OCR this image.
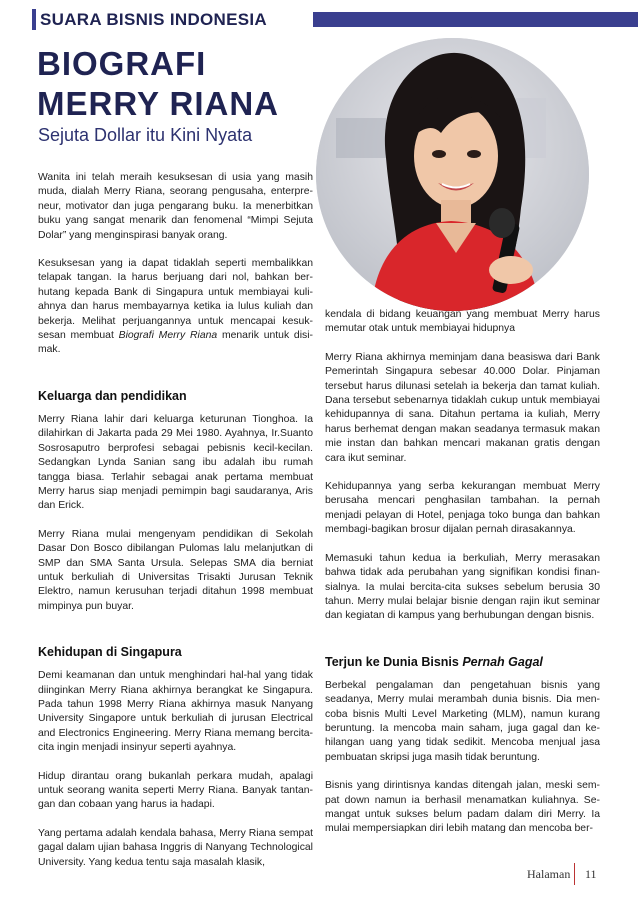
SUARA BISNIS INDONESIA
BIOGRAFI
MERRY RIANA
Sejuta Dollar itu Kini Nyata

Wanita ini telah meraih kesuksesan di usia yang masih muda, dialah Merry Riana, seorang pengusaha, enterpreneur, motivator dan juga pengarang buku. Ia menerbitkan buku yang sangat menarik dan fenomenal “Mimpi Sejuta Dolar” yang menginspirasi banyak orang.

Kesuksesan yang ia dapat tidaklah seperti membalikkan telapak tangan. Ia harus berjuang dari nol, bahkan berhutang kepada Bank di Singapura untuk membiayai kuliahnya dan harus membayarnya ketika ia lulus kuliah dan bekerja. Melihat perjuangannya untuk mencapai kesuksesan membuat Biografi Merry Riana menarik untuk disimak.

Keluarga dan pendidikan

Merry Riana lahir dari keluarga keturunan Tionghoa. Ia dilahirkan di Jakarta pada 29 Mei 1980. Ayahnya, Ir.Suanto Sosrosaputro berprofesi sebagai pebisnis kecil-kecilan. Sedangkan Lynda Sanian sang ibu adalah ibu rumah tangga biasa. Terlahir sebagai anak pertama membuat Merry harus siap menjadi pemimpin bagi saudaranya, Aris dan Erick.

Merry Riana mulai mengenyam pendidikan di Sekolah Dasar Don Bosco dibilangan Pulomas lalu melanjutkan di SMP dan SMA Santa Ursula. Selepas SMA dia berniat untuk berkuliah di Universitas Trisakti Jurusan Teknik Elektro, namun kerusuhan terjadi ditahun 1998 membuat mimpinya pun buyar.

Kehidupan di Singapura

Demi keamanan dan untuk menghindari hal-hal yang tidak diinginkan Merry Riana akhirnya berangkat ke Singapura. Pada tahun 1998 Merry Riana akhirnya masuk Nanyang University Singapore untuk berkuliah di jurusan Electrical and Electronics Engineering. Merry Riana memang bercita-cita ingin menjadi insinyur seperti ayahnya.

Hidup dirantau orang bukanlah perkara mudah, apalagi untuk seorang wanita seperti Merry Riana. Banyak tantangan dan cobaan yang harus ia hadapi.

Yang pertama adalah kendala bahasa, Merry Riana sempat gagal dalam ujian bahasa Inggris di Nanyang Technological University. Yang kedua tentu saja masalah klasik,

kendala di bidang keuangan yang membuat Merry harus memutar otak untuk membiayai hidupnya

Merry Riana akhirnya meminjam dana beasiswa dari Bank Pemerintah Singapura sebesar 40.000 Dolar. Pinjaman tersebut harus dilunasi setelah ia bekerja dan tamat kuliah. Dana tersebut sebenarnya tidaklah cukup untuk membiayai kehidupannya di sana. Ditahun pertama ia kuliah, Merry harus berhemat dengan makan seadanya termasuk makan mie instan dan bahkan mencari makanan gratis dengan cara ikut seminar.

Kehidupannya yang serba kekurangan membuat Merry berusaha mencari penghasilan tambahan. Ia pernah menjadi pelayan di Hotel, penjaga toko bunga dan bahkan membagi-bagikan brosur dijalan pernah dirasakannya.

Memasuki tahun kedua ia berkuliah, Merry merasakan bahwa tidak ada perubahan yang signifikan kondisi finansialnya. Ia mulai bercita-cita sukses sebelum berusia 30 tahun. Merry mulai belajar bisnie dengan rajin ikut seminar dan kegiatan di kampus yang berhubungan dengan bisnis.

Terjun ke Dunia Bisnis Pernah Gagal

Berbekal pengalaman dan pengetahuan bisnis yang seadanya, Merry mulai merambah dunia bisnis. Dia mencoba bisnis Multi Level Marketing (MLM), namun kurang beruntung. Ia mencoba main saham, juga gagal dan kehilangan uang yang tidak sedikit. Mencoba menjual jasa pembuatan skripsi juga masih tidak beruntung.

Bisnis yang dirintisnya kandas ditengah jalan, meski sempat down namun ia berhasil menamatkan kuliahnya. Semangat untuk sukses belum padam dalam diri Merry. Ia mulai mempersiapkan diri lebih matang dan mencoba ber-

Halaman 11
